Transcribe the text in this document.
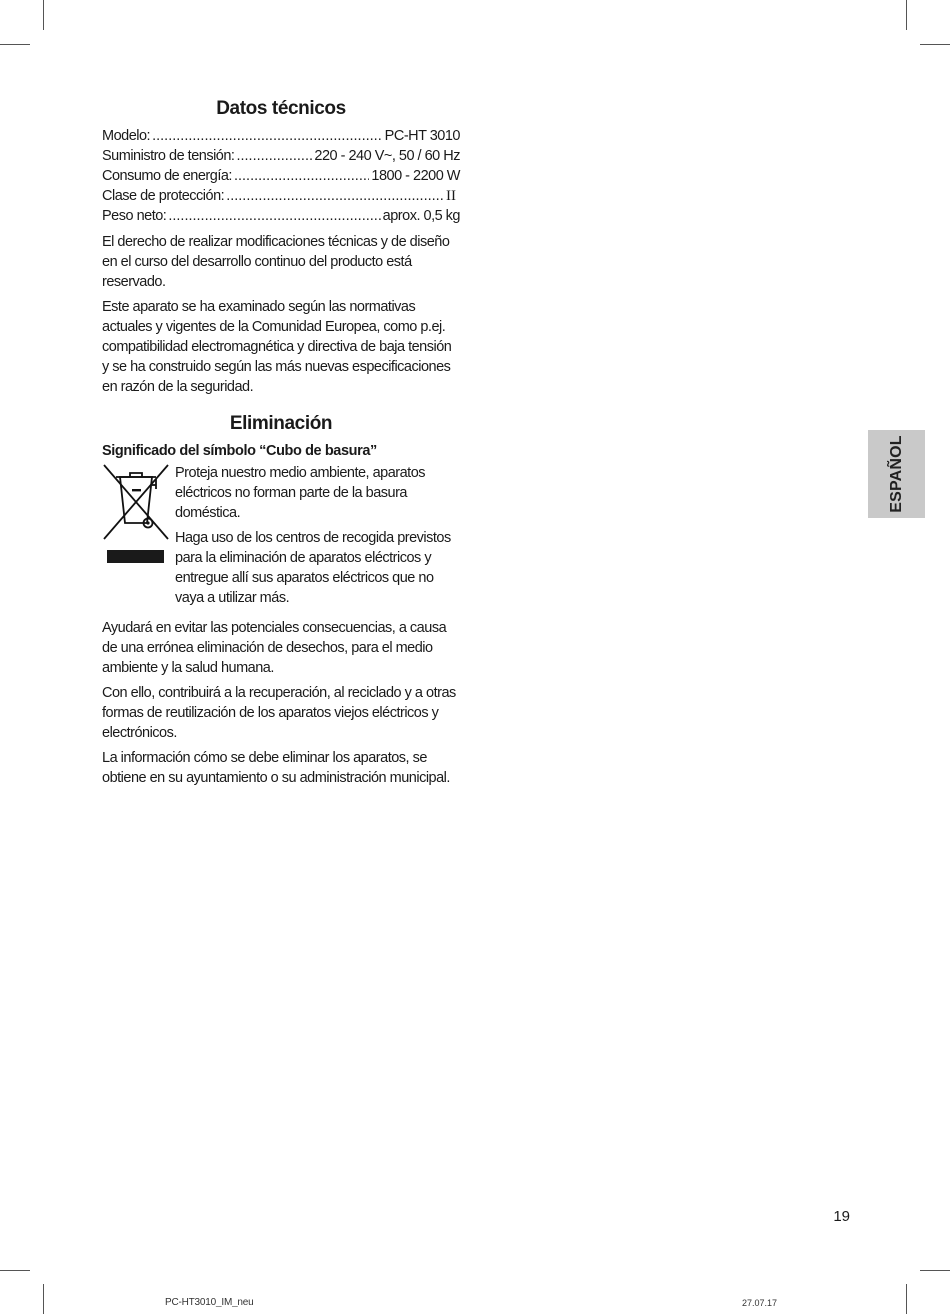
Datos técnicos
Modelo: .....	PC-HT 3010
Suministro de tensión: .....	220 - 240 V~, 50 / 60 Hz
Consumo de energía: .....	1800 - 2200 W
Clase de protección: .....	II
Peso neto: .....	aprox. 0,5 kg

El derecho de realizar modificaciones técnicas y de diseño en el curso del desarrollo continuo del producto está reservado.

Este aparato se ha examinado según las normativas actuales y vigentes de la Comunidad Europea, como p.ej. compatibilidad electromagnética y directiva de baja tensión y se ha construido según las más nuevas especificaciones en razón de la seguridad.

Eliminación
Significado del símbolo “Cubo de basura”

Proteja nuestro medio ambiente, aparatos eléctricos no forman parte de la basura doméstica.

Haga uso de los centros de recogida previstos para la eliminación de aparatos eléctricos y entregue allí sus aparatos eléctricos que no vaya a utilizar más.

Ayudará en evitar las potenciales consecuencias, a causa de una errónea eliminación de desechos, para el medio ambiente y la salud humana.

Con ello, contribuirá a la recuperación, al reciclado y a otras formas de reutilización de los aparatos viejos eléctricos y electrónicos.

La información cómo se debe eliminar los aparatos, se obtiene en su ayuntamiento o su administración municipal.

ESPAÑOL
19
PC-HT3010_IM_neu	27.07.17
